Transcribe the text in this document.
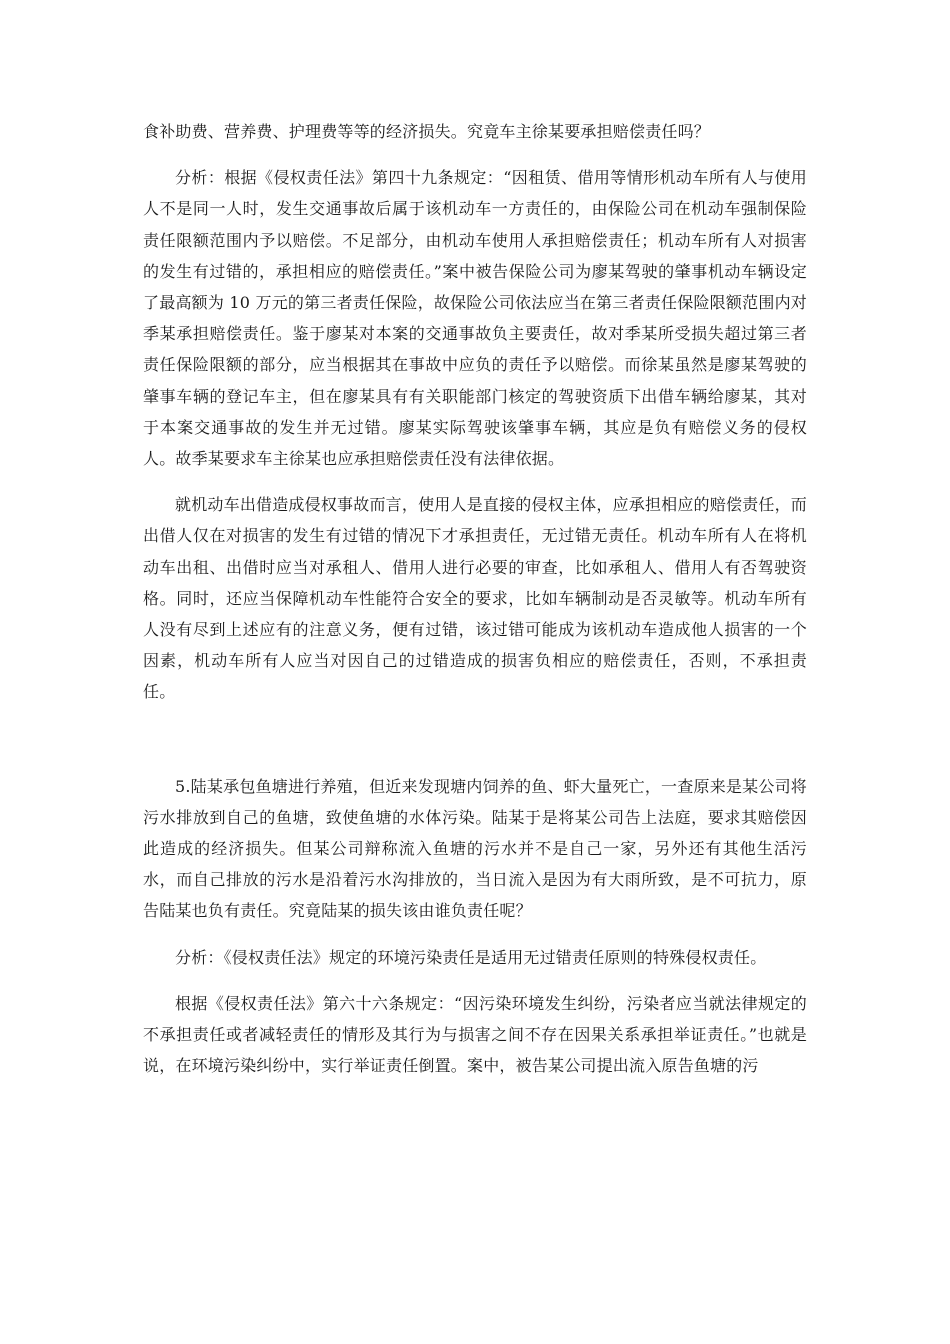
食补助费、营养费、护理费等等的经济损失。究竟车主徐某要承担赔偿责任吗？

分析：根据《侵权责任法》第四十九条规定：“因租赁、借用等情形机动车所有人与使用人不是同一人时，发生交通事故后属于该机动车一方责任的，由保险公司在机动车强制保险责任限额范围内予以赔偿。不足部分，由机动车使用人承担赔偿责任；机动车所有人对损害的发生有过错的，承担相应的赔偿责任。”案中被告保险公司为廖某驾驶的肇事机动车辆设定了最高额为 10 万元的第三者责任保险，故保险公司依法应当在第三者责任保险限额范围内对季某承担赔偿责任。鉴于廖某对本案的交通事故负主要责任，故对季某所受损失超过第三者责任保险限额的部分，应当根据其在事故中应负的责任予以赔偿。而徐某虽然是廖某驾驶的肇事车辆的登记车主，但在廖某具有有关职能部门核定的驾驶资质下出借车辆给廖某，其对于本案交通事故的发生并无过错。廖某实际驾驶该肇事车辆，其应是负有赔偿义务的侵权人。故季某要求车主徐某也应承担赔偿责任没有法律依据。

就机动车出借造成侵权事故而言，使用人是直接的侵权主体，应承担相应的赔偿责任，而出借人仅在对损害的发生有过错的情况下才承担责任，无过错无责任。机动车所有人在将机动车出租、出借时应当对承租人、借用人进行必要的审查，比如承租人、借用人有否驾驶资格。同时，还应当保障机动车性能符合安全的要求，比如车辆制动是否灵敏等。机动车所有人没有尽到上述应有的注意义务，便有过错，该过错可能成为该机动车造成他人损害的一个因素，机动车所有人应当对因自己的过错造成的损害负相应的赔偿责任，否则，不承担责任。

5.陆某承包鱼塘进行养殖，但近来发现塘内饲养的鱼、虾大量死亡，一查原来是某公司将污水排放到自己的鱼塘，致使鱼塘的水体污染。陆某于是将某公司告上法庭，要求其赔偿因此造成的经济损失。但某公司辩称流入鱼塘的污水并不是自己一家，另外还有其他生活污水，而自己排放的污水是沿着污水沟排放的，当日流入是因为有大雨所致，是不可抗力，原告陆某也负有责任。究竟陆某的损失该由谁负责任呢？

分析：《侵权责任法》规定的环境污染责任是适用无过错责任原则的特殊侵权责任。

根据《侵权责任法》第六十六条规定：“因污染环境发生纠纷，污染者应当就法律规定的不承担责任或者减轻责任的情形及其行为与损害之间不存在因果关系承担举证责任。”也就是说，在环境污染纠纷中，实行举证责任倒置。案中，被告某公司提出流入原告鱼塘的污
